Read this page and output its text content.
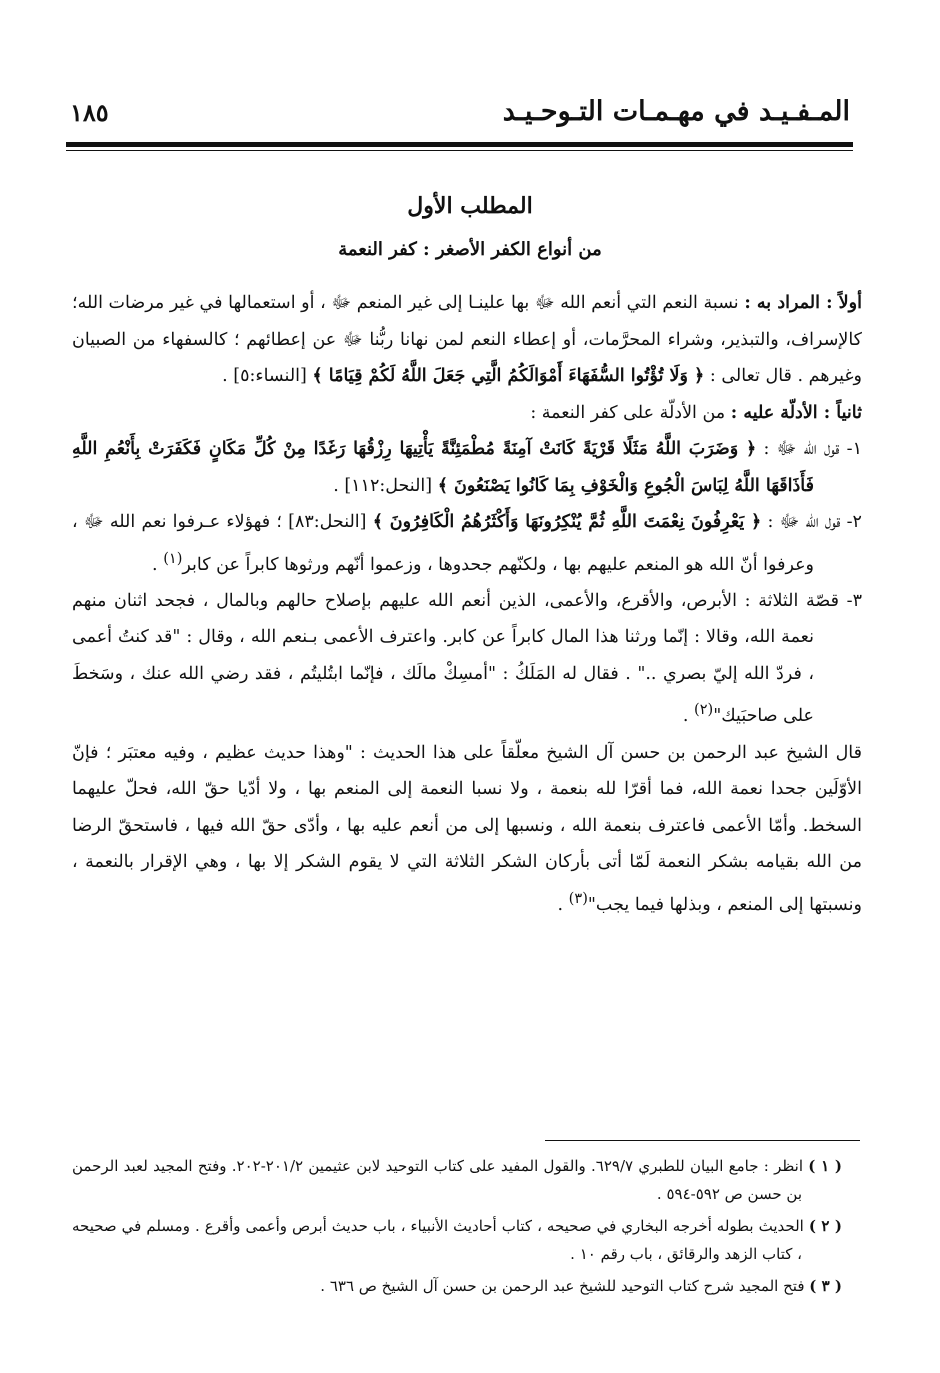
المـفـيـد في مهـمـات التـوحـيـد
١٨٥
المطلب الأول
من أنواع الكفر الأصغر : كفر النعمة

أولاً : المراد به : نسبة النعم التي أنعم الله ﷻ بها علينـا إلى غير المنعم ﷻ ، أو استعمالها في غير مرضات الله؛ كالإسراف، والتبذير، وشراء المحرَّمات، أو إعطاء النعم لمن نهانا ربُّنا ﷻ عن إعطائهم ؛ كالسفهاء من الصبيان وغيرهم . قال تعالى : ﴿ وَلَا تُؤْتُوا السُّفَهَاءَ أَمْوَالَكُمُ الَّتِي جَعَلَ اللَّهُ لَكُمْ قِيَامًا ﴾ [النساء:٥] .

ثانياً : الأدلّة عليه : من الأدلّة على كفر النعمة :

١- قول الله ﷻ : ﴿ وَضَرَبَ اللَّهُ مَثَلًا قَرْيَةً كَانَتْ آمِنَةً مُطْمَئِنَّةً يَأْتِيهَا رِزْقُهَا رَغَدًا مِنْ كُلِّ مَكَانٍ فَكَفَرَتْ بِأَنْعُمِ اللَّهِ فَأَذَاقَهَا اللَّهُ لِبَاسَ الْجُوعِ وَالْخَوْفِ بِمَا كَانُوا يَصْنَعُونَ ﴾ [النحل:١١٢] .

٢- قول الله ﷻ : ﴿ يَعْرِفُونَ نِعْمَتَ اللَّهِ ثُمَّ يُنْكِرُونَهَا وَأَكْثَرُهُمُ الْكَافِرُونَ ﴾ [النحل:٨٣] ؛ فهؤلاء عـرفوا نعم الله ﷻ ، وعرفوا أنّ الله هو المنعم عليهم بها ، ولكنّهم جحدوها ، وزعموا أنّهم ورثوها كابراً عن كابر$^{(١)}$ .

٣- قصّة الثلاثة : الأبرص، والأقرع، والأعمى، الذين أنعم الله عليهم بإصلاح حالهم وبالمال ، فجحد اثنان منهم نعمة الله، وقالا : إنّما ورثنا هذا المال كابراً عن كابر. واعترف الأعمى بـنعم الله ، وقال : "قد كنتُ أعمى ، فردّ الله إليّ بصري .." . فقال له المَلَكُ : "أمسِكْ مالَك ، فإنّما ابتُليتُم ، فقد رضي الله عنك ، وسَخطَ على صاحبَيك"$^{(٢)}$ .

قال الشيخ عبد الرحمن بن حسن آل الشيخ معلّقاً على هذا الحديث : "وهذا حديث عظيم ، وفيه معتبَر ؛ فإنّ الأوّلَين جحدا نعمة الله، فما أقرّا لله بنعمة ، ولا نسبا النعمة إلى المنعم بها ، ولا أدّيا حقّ الله، فحلّ عليهما السخط. وأمّا الأعمى فاعترف بنعمة الله ، ونسبها إلى من أنعم عليه بها ، وأدّى حقّ الله فيها ، فاستحقّ الرضا من الله بقيامه بشكر النعمة لَمّا أتى بأركان الشكر الثلاثة التي لا يقوم الشكر إلا بها ، وهي الإقرار بالنعمة ، ونسبتها إلى المنعم ، وبذلها فيما يجب"$^{(٣)}$ .

( ١ ) انظر : جامع البيان للطبري ٦٢٩/٧. والقول المفيد على كتاب التوحيد لابن عثيمين ٢٠١/٢-٢٠٢. وفتح المجيد لعبد الرحمن بن حسن ص ٥٩٢-٥٩٤ .

( ٢ ) الحديث بطوله أخرجه البخاري في صحيحه ، كتاب أحاديث الأنبياء ، باب حديث أبرص وأعمى وأقرع . ومسلم في صحيحه ، كتاب الزهد والرقائق ، باب رقم ١٠ .

( ٣ ) فتح المجيد شرح كتاب التوحيد للشيخ عبد الرحمن بن حسن آل الشيخ ص ٦٣٦ .
